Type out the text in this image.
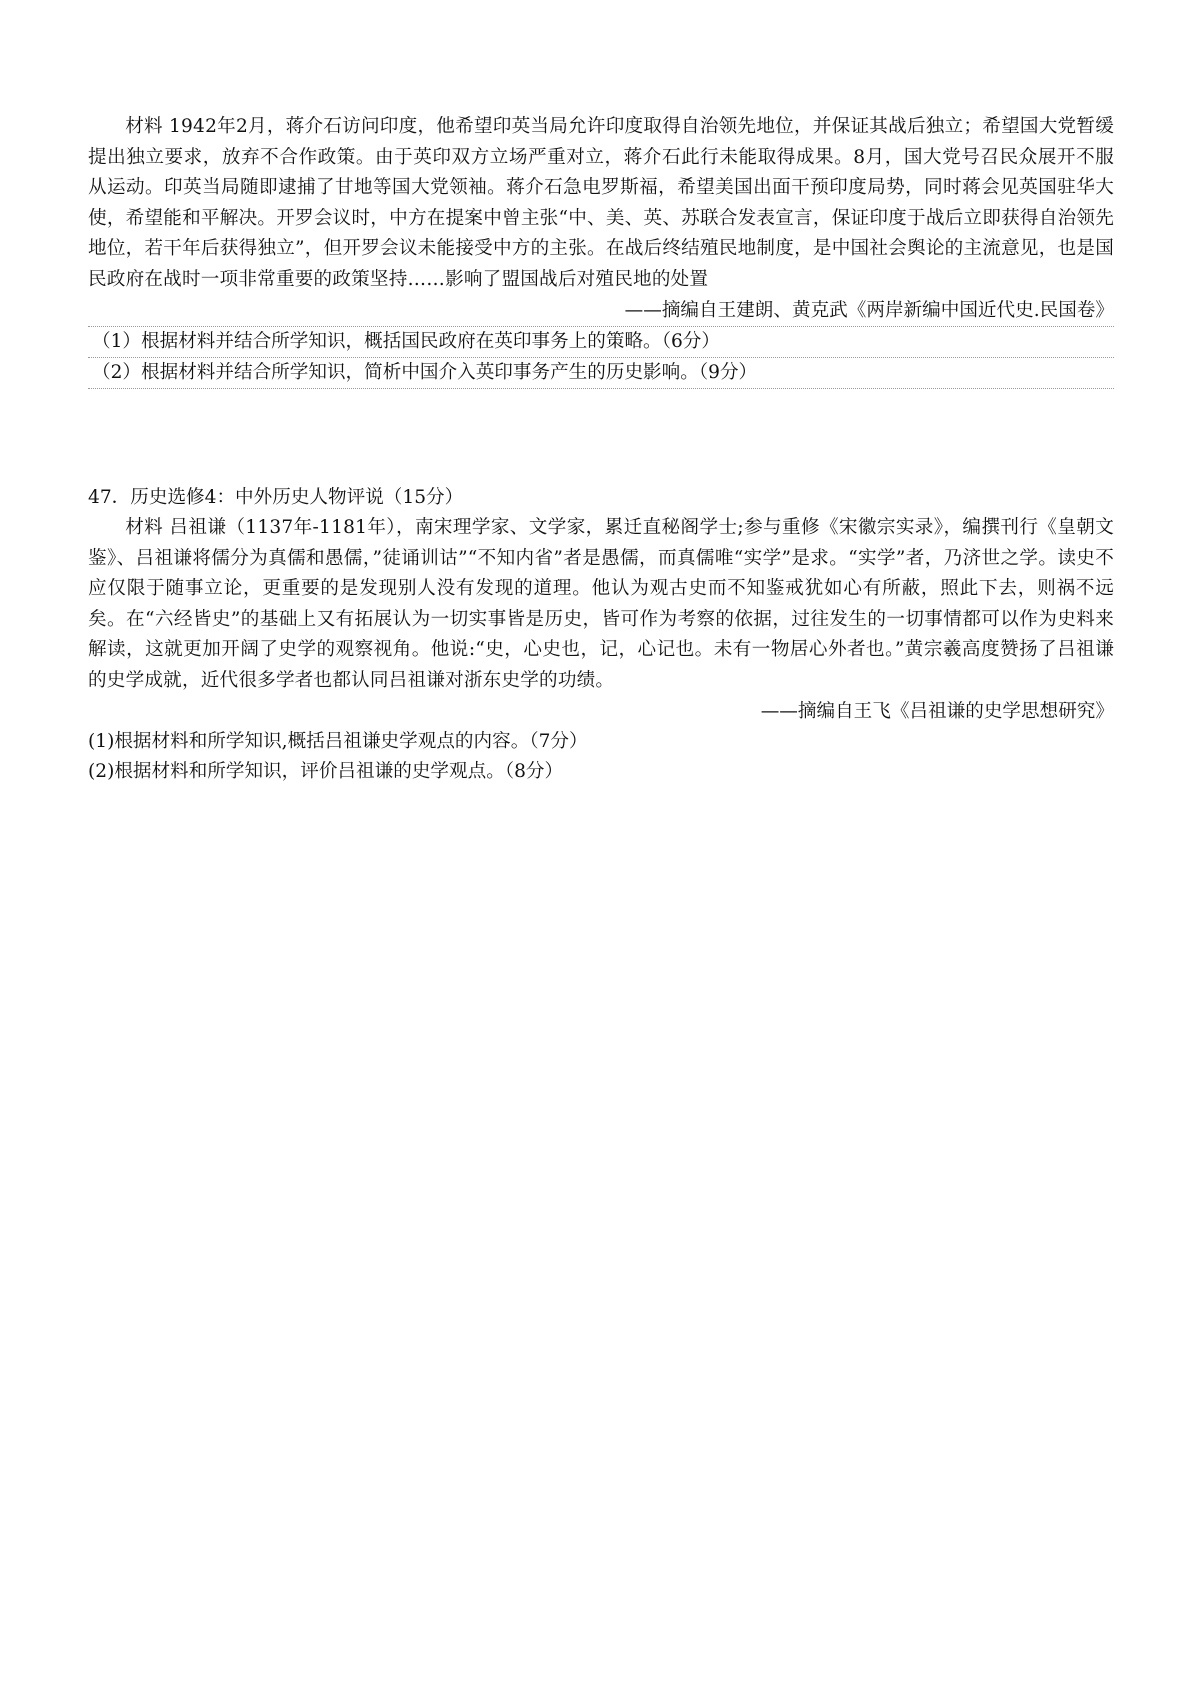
材料 1942年2月，蒋介石访问印度，他希望印英当局允许印度取得自治领先地位，并保证其战后独立；希望国大党暂缓提出独立要求，放弃不合作政策。由于英印双方立场严重对立，蒋介石此行未能取得成果。8月，国大党号召民众展开不服从运动。印英当局随即逮捕了甘地等国大党领袖。蒋介石急电罗斯福，希望美国出面干预印度局势，同时蒋会见英国驻华大使，希望能和平解决。开罗会议时，中方在提案中曾主张“中、美、英、苏联合发表宣言，保证印度于战后立即获得自治领先地位，若干年后获得独立”，但开罗会议未能接受中方的主张。在战后终结殖民地制度，是中国社会舆论的主流意见，也是国民政府在战时一项非常重要的政策坚持……影响了盟国战后对殖民地的处置

——摘编自王建朗、黄克武《两岸新编中国近代史.民国卷》

（1）根据材料并结合所学知识，概括国民政府在英印事务上的策略。（6分）

（2）根据材料并结合所学知识，简析中国介入英印事务产生的历史影响。（9分）

47．历史选修4：中外历史人物评说（15分）

材料 吕祖谦（1137年-1181年），南宋理学家、文学家，累迁直秘阁学士;参与重修《宋徽宗实录》，编撰刊行《皇朝文鉴》、吕祖谦将儒分为真儒和愚儒，”徒诵训诂”“不知内省”者是愚儒，而真儒唯“实学”是求。“实学”者，乃济世之学。读史不应仅限于随事立论，更重要的是发现别人没有发现的道理。他认为观古史而不知鉴戒犹如心有所蔽，照此下去，则祸不远矣。在“六经皆史”的基础上又有拓展认为一切实事皆是历史，皆可作为考察的依据，过往发生的一切事情都可以作为史料来解读，这就更加开阔了史学的观察视角。他说:“史，心史也，记，心记也。未有一物居心外者也。”黄宗羲高度赞扬了吕祖谦的史学成就，近代很多学者也都认同吕祖谦对浙东史学的功绩。

——摘编自王飞《吕祖谦的史学思想研究》

(1)根据材料和所学知识,概括吕祖谦史学观点的内容。（7分）

(2)根据材料和所学知识，评价吕祖谦的史学观点。（8分）
